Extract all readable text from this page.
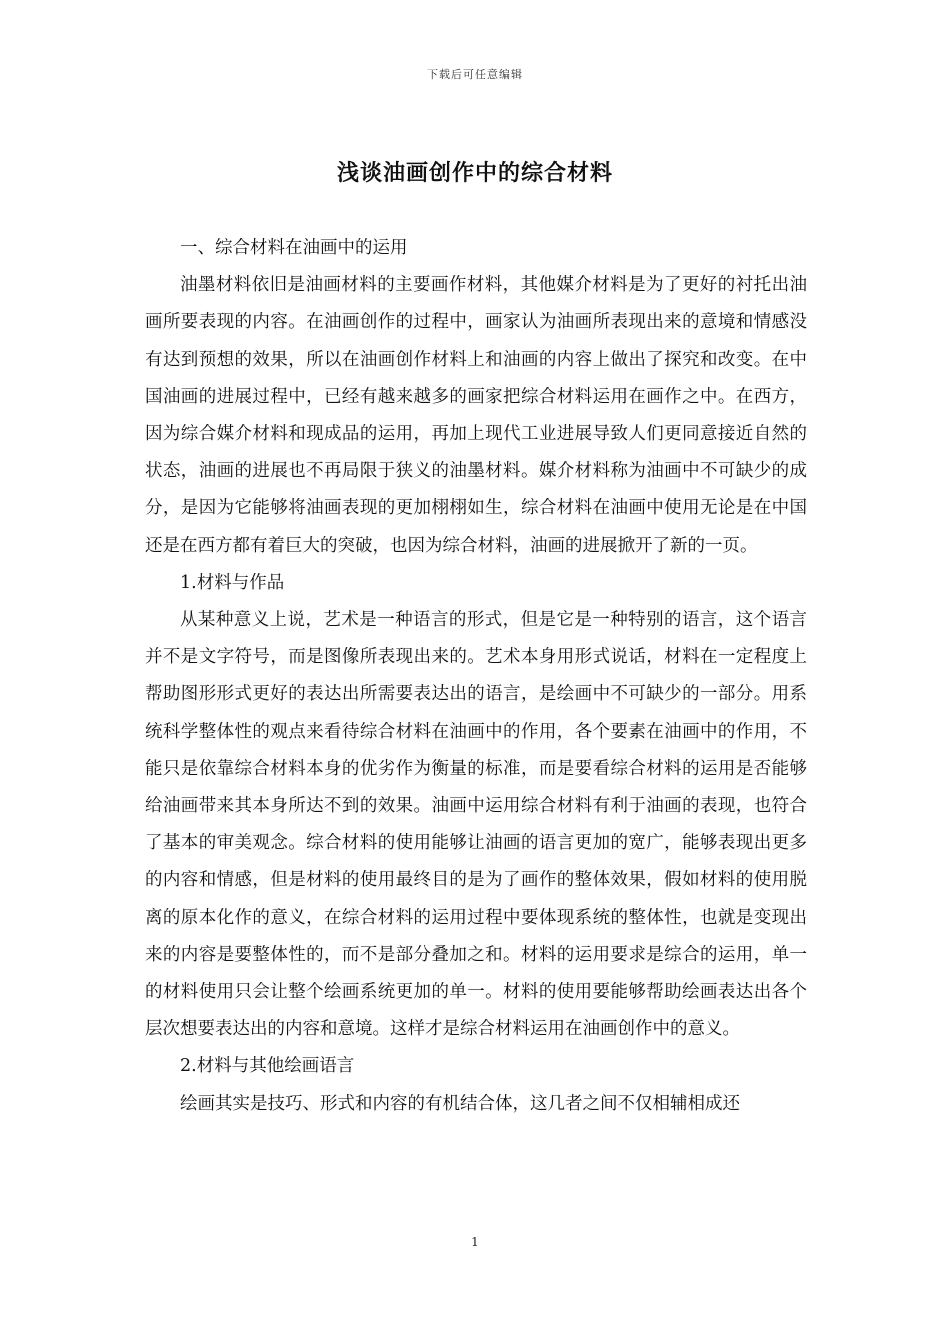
下载后可任意编辑
浅谈油画创作中的综合材料

一、综合材料在油画中的运用

油墨材料依旧是油画材料的主要画作材料，其他媒介材料是为了更好的衬托出油画所要表现的内容。在油画创作的过程中，画家认为油画所表现出来的意境和情感没有达到预想的效果，所以在油画创作材料上和油画的内容上做出了探究和改变。在中国油画的进展过程中，已经有越来越多的画家把综合材料运用在画作之中。在西方，因为综合媒介材料和现成品的运用，再加上现代工业进展导致人们更同意接近自然的状态，油画的进展也不再局限于狭义的油墨材料。媒介材料称为油画中不可缺少的成分，是因为它能够将油画表现的更加栩栩如生，综合材料在油画中使用无论是在中国还是在西方都有着巨大的突破，也因为综合材料，油画的进展掀开了新的一页。

1.材料与作品

从某种意义上说，艺术是一种语言的形式，但是它是一种特别的语言，这个语言并不是文字符号，而是图像所表现出来的。艺术本身用形式说话，材料在一定程度上帮助图形形式更好的表达出所需要表达出的语言，是绘画中不可缺少的一部分。用系统科学整体性的观点来看待综合材料在油画中的作用，各个要素在油画中的作用，不能只是依靠综合材料本身的优劣作为衡量的标准，而是要看综合材料的运用是否能够给油画带来其本身所达不到的效果。油画中运用综合材料有利于油画的表现，也符合了基本的审美观念。综合材料的使用能够让油画的语言更加的宽广，能够表现出更多的内容和情感，但是材料的使用最终目的是为了画作的整体效果，假如材料的使用脱离的原本化作的意义，在综合材料的运用过程中要体现系统的整体性，也就是变现出来的内容是要整体性的，而不是部分叠加之和。材料的运用要求是综合的运用，单一的材料使用只会让整个绘画系统更加的单一。材料的使用要能够帮助绘画表达出各个层次想要表达出的内容和意境。这样才是综合材料运用在油画创作中的意义。

2.材料与其他绘画语言

绘画其实是技巧、形式和内容的有机结合体，这几者之间不仅相辅相成还

1
